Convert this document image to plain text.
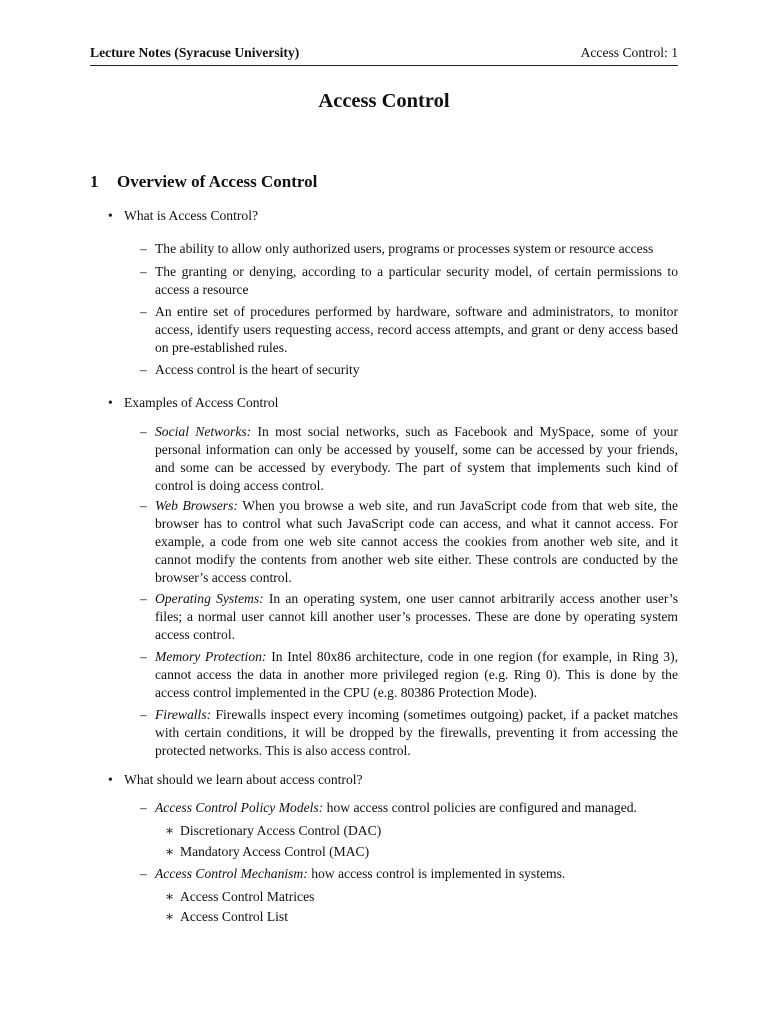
Lecture Notes (Syracuse University)	Access Control: 1
Access Control
1 Overview of Access Control
• What is Access Control?
– The ability to allow only authorized users, programs or processes system or resource access
– The granting or denying, according to a particular security model, of certain permissions to access a resource
– An entire set of procedures performed by hardware, software and administrators, to monitor access, identify users requesting access, record access attempts, and grant or deny access based on pre-established rules.
– Access control is the heart of security
• Examples of Access Control
– Social Networks: In most social networks, such as Facebook and MySpace, some of your personal information can only be accessed by youself, some can be accessed by your friends, and some can be accessed by everybody. The part of system that implements such kind of control is doing access control.
– Web Browsers: When you browse a web site, and run JavaScript code from that web site, the browser has to control what such JavaScript code can access, and what it cannot access. For example, a code from one web site cannot access the cookies from another web site, and it cannot modify the contents from another web site either. These controls are conducted by the browser’s access control.
– Operating Systems: In an operating system, one user cannot arbitrarily access another user’s files; a normal user cannot kill another user’s processes. These are done by operating system access control.
– Memory Protection: In Intel 80x86 architecture, code in one region (for example, in Ring 3), cannot access the data in another more privileged region (e.g. Ring 0). This is done by the access control implemented in the CPU (e.g. 80386 Protection Mode).
– Firewalls: Firewalls inspect every incoming (sometimes outgoing) packet, if a packet matches with certain conditions, it will be dropped by the firewalls, preventing it from accessing the protected networks. This is also access control.
• What should we learn about access control?
– Access Control Policy Models: how access control policies are configured and managed.
∗ Discretionary Access Control (DAC)
∗ Mandatory Access Control (MAC)
– Access Control Mechanism: how access control is implemented in systems.
∗ Access Control Matrices
∗ Access Control List
